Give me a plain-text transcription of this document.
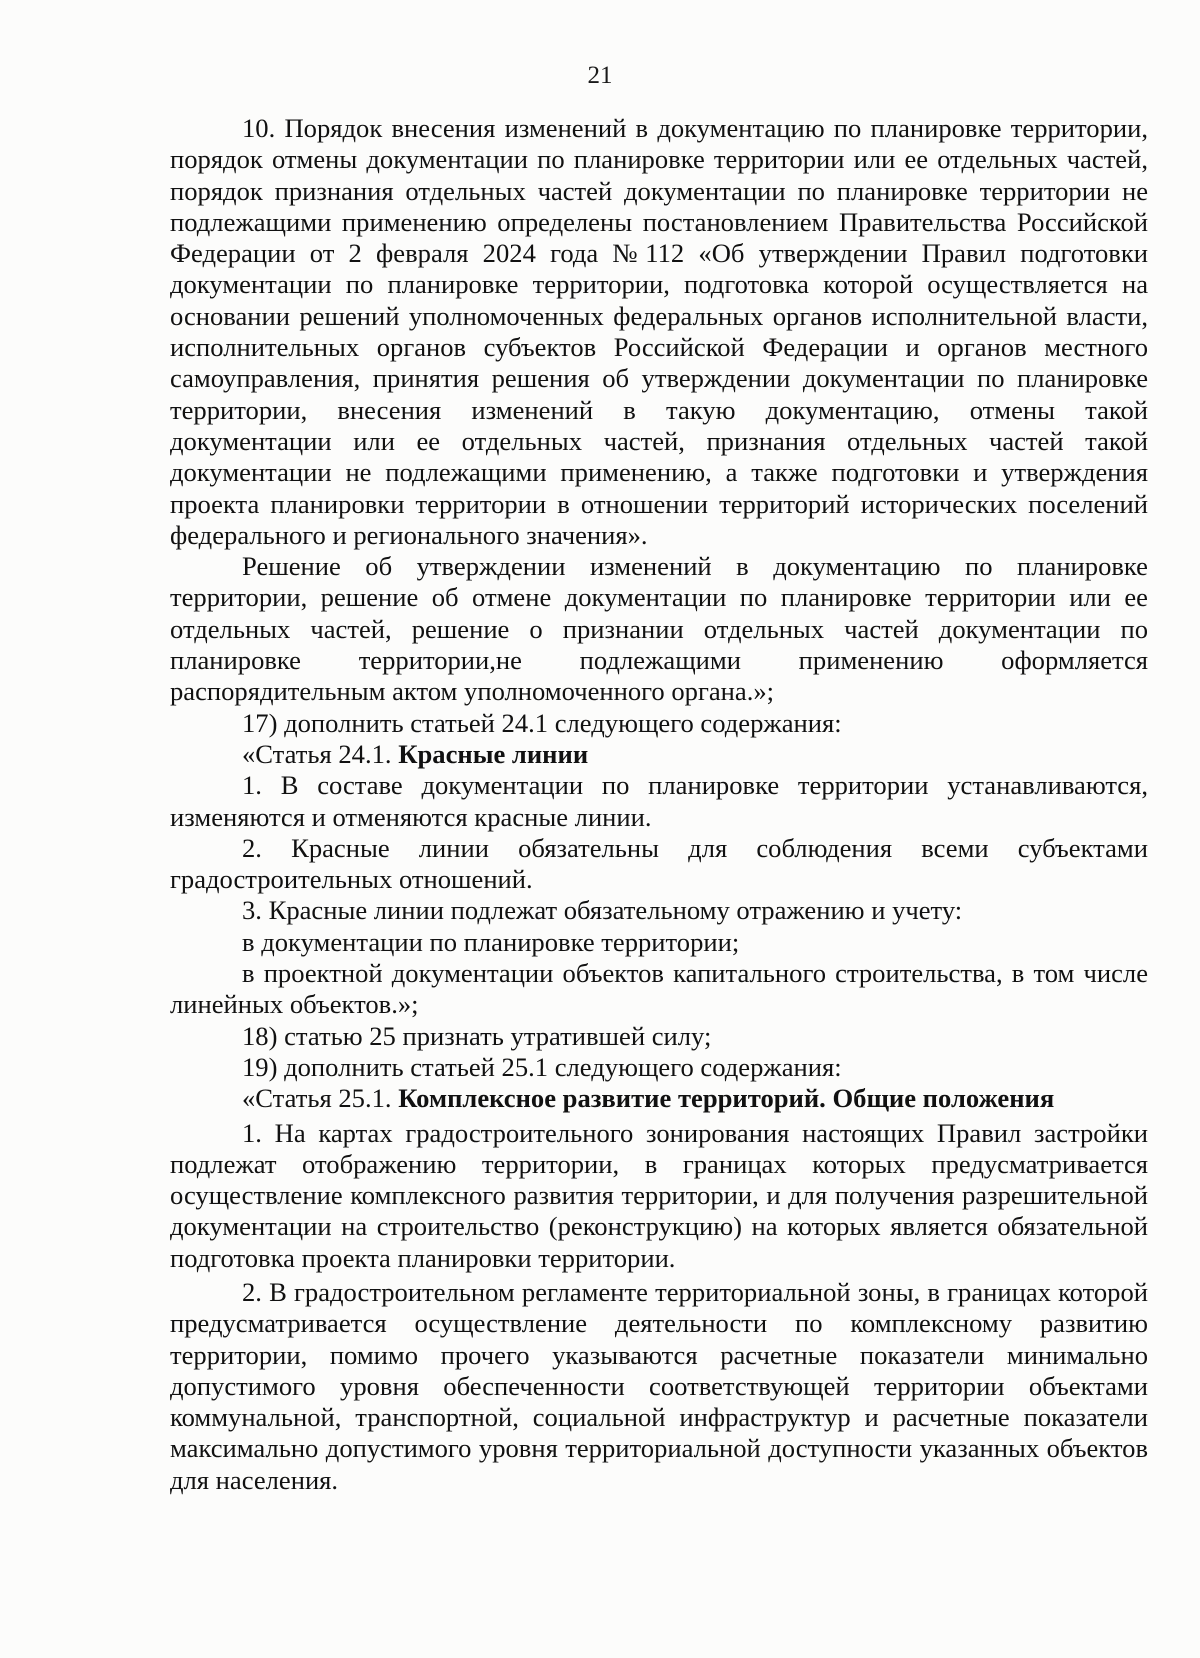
21

10. Порядок внесения изменений в документацию по планировке территории, порядок отмены документации по планировке территории или ее отдельных частей, порядок признания отдельных частей документации по планировке территории не подлежащими применению определены постановлением Правительства Российской Федерации от 2 февраля 2024 года №112 «Об утверждении Правил подготовки документации по планировке территории, подготовка которой осуществляется на основании решений уполномоченных федеральных органов исполнительной власти, исполнительных органов субъектов Российской Федерации и органов местного самоуправления, принятия решения об утверждении документации по планировке территории, внесения изменений в такую документацию, отмены такой документации или ее отдельных частей, признания отдельных частей такой документации не подлежащими применению, а также подготовки и утверждения проекта планировки территории в отношении территорий исторических поселений федерального и регионального значения».

Решение об утверждении изменений в документацию по планировке территории, решение об отмене документации по планировке территории или ее отдельных частей, решение о признании отдельных частей документации по планировке территории,не подлежащими применению оформляется распорядительным актом уполномоченного органа.»;

17) дополнить статьей 24.1 следующего содержания:

«Статья 24.1. Красные линии

1. В составе документации по планировке территории устанавливаются, изменяются и отменяются красные линии.

2. Красные линии обязательны для соблюдения всеми субъектами градостроительных отношений.

3. Красные линии подлежат обязательному отражению и учету:

в документации по планировке территории;

в проектной документации объектов капитального строительства, в том числе линейных объектов.»;

18) статью 25 признать утратившей силу;

19) дополнить статьей 25.1 следующего содержания:

«Статья 25.1. Комплексное развитие территорий. Общие положения

1. На картах градостроительного зонирования настоящих Правил застройки подлежат отображению территории, в границах которых предусматривается осуществление комплексного развития территории, и для получения разрешительной документации на строительство (реконструкцию) на которых является обязательной подготовка проекта планировки территории.

2. В градостроительном регламенте территориальной зоны, в границах которой предусматривается осуществление деятельности по комплексному развитию территории, помимо прочего указываются расчетные показатели минимально допустимого уровня обеспеченности соответствующей территории объектами коммунальной, транспортной, социальной инфраструктур и расчетные показатели максимально допустимого уровня территориальной доступности указанных объектов для населения.
